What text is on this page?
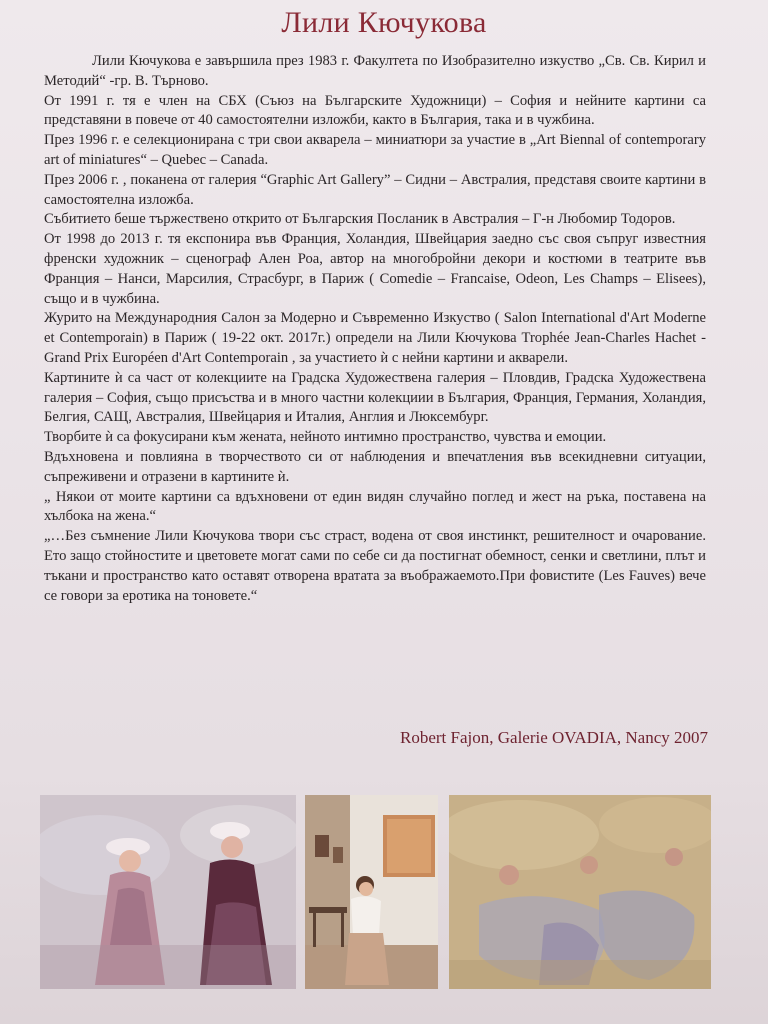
Лили Кючукова

Лили Кючукова е завършила през 1983 г. Факултета по Изобразително изкуство „Св. Св. Кирил и Методий“ -гр. В. Търново.

От 1991 г. тя е член на СБХ (Съюз на Българските Художници) – София и нейните картини са представяни в повече от 40 самостоятелни изложби, както в България, така и в чужбина.

През 1996 г. е селекционирана с три свои акварела – миниатюри за участие в „Art Biennal of contemporary art of miniatures“ – Quebec – Canada.

През 2006 г. , поканена от галерия “Graphic Art Gallery” – Сидни – Австралия, представя своите картини в самостоятелна изложба.

Събитието беше тържествено открито от Българския Посланик в Австралия – Г-н Любомир Тодоров.

От 1998 до 2013 г. тя експонира във Франция, Холандия, Швейцария заедно със своя съпруг известния френски художник – сценограф Ален Роа, автор на многобройни декори и костюми в театрите във Франция – Нанси, Марсилия, Страсбург, в Париж ( Comedie – Francaise, Odeon, Les Champs – Elisees), също и в чужбина.

Журито на Международния Салон за Модерно и Съвременно Изкуство ( Salon International d'Art Moderne et Contemporain) в Париж ( 19-22 окт. 2017г.) определи на Лили Кючукова Trophée Jean-Charles Hachet - Grand Prix Européen d'Art Contemporain , за участието ѝ с нейни картини и акварели.

Картините ѝ са част от колекциите на Градска Художествена галерия – Пловдив, Градска Художествена галерия – София, също присъства и в много частни колекциии в България, Франция, Германия, Холандия, Белгия, САЩ, Австралия, Швейцария и Италия, Англия и Люксембург.

Творбите ѝ са фокусирани към жената, нейното интимно пространство, чувства и емоции.

Вдъхновена и повлияна в творчеството си от наблюдения и впечатления във всекидневни ситуации, съпреживени и отразени в картините ѝ.

„ Някои от моите картини са вдъхновени от един видян случайно поглед и жест на ръка, поставена на хълбока на жена.“

„…Без съмнение Лили Кючукова твори със страст, водена от своя инстинкт, решителност и очарование. Ето защо стойностите и цветовете могат сами по себе си да постигнат обемност, сенки и светлини, плът и тъкани и пространство като оставят отворена вратата за въображаемото.При фовистите (Les Fauves) вече се говори за еротика на тоновете.“

Robert Fajon, Galerie OVADIA, Nancy 2007
